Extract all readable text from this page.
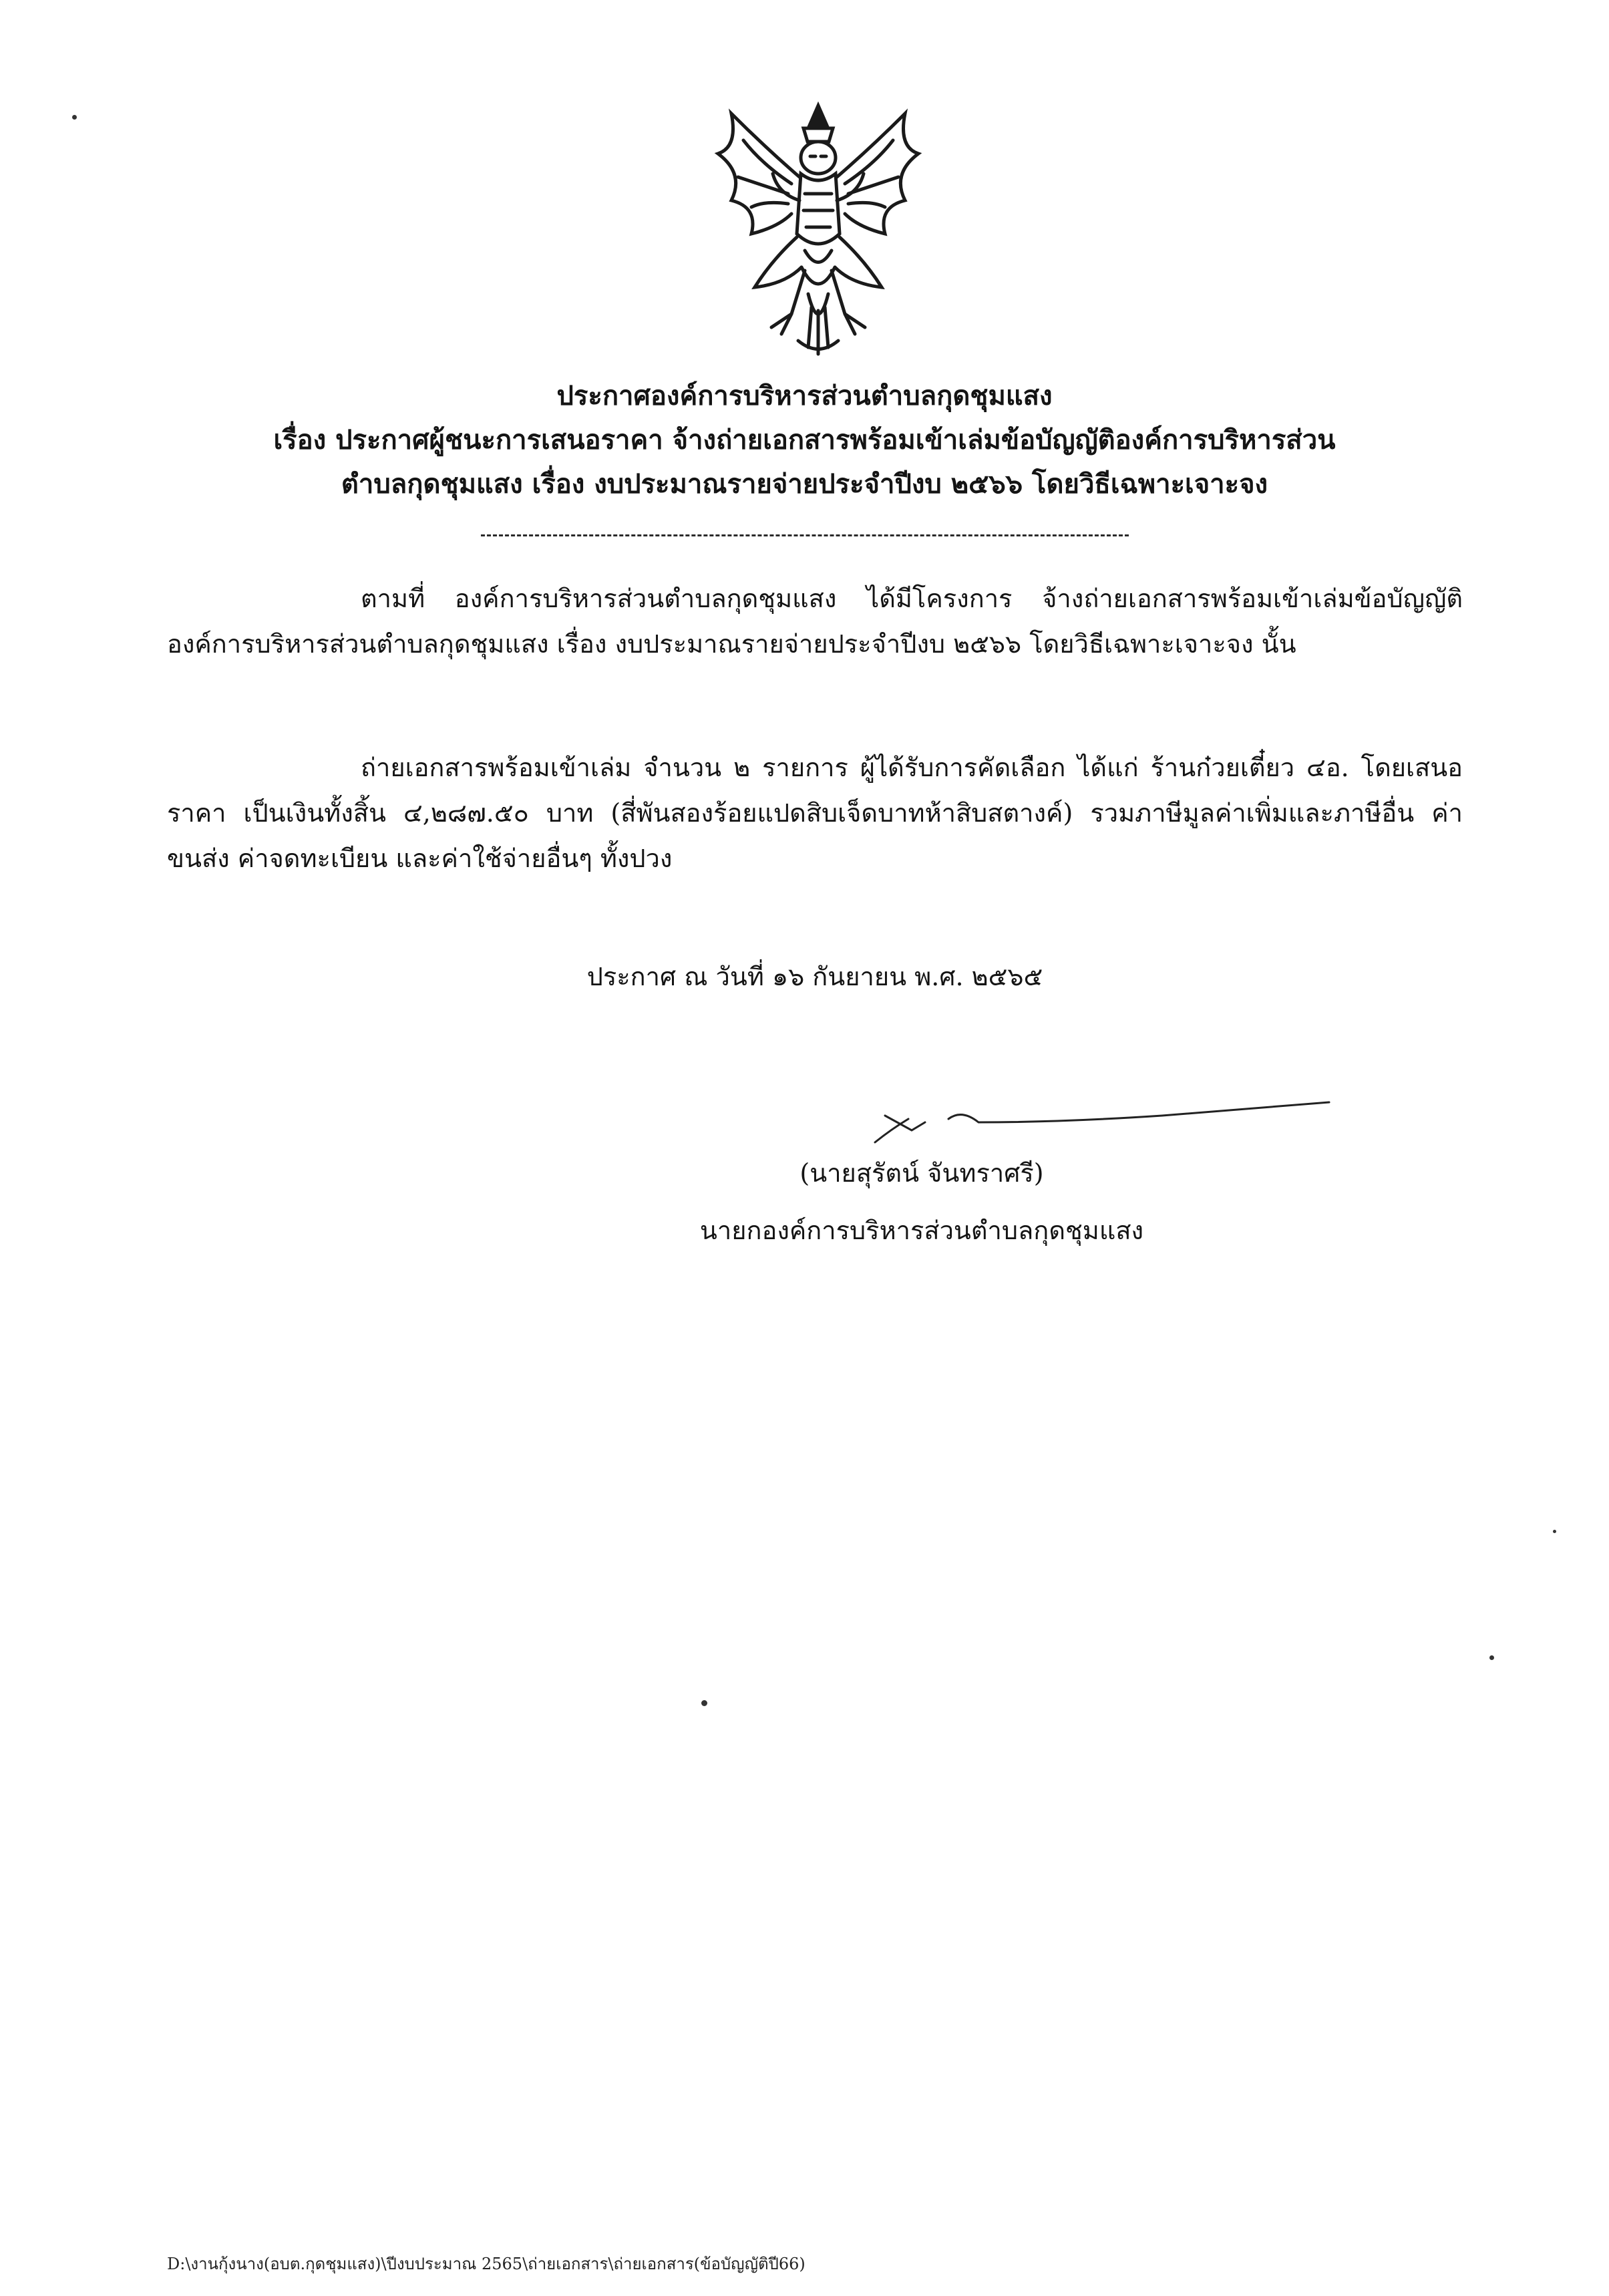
ประกาศองค์การบริหารส่วนตำบลกุดชุมแสง
เรื่อง ประกาศผู้ชนะการเสนอราคา จ้างถ่ายเอกสารพร้อมเข้าเล่มข้อบัญญัติองค์การบริหารส่วน
ตำบลกุดชุมแสง เรื่อง งบประมาณรายจ่ายประจำปีงบ ๒๕๖๖ โดยวิธีเฉพาะเจาะจง
ตามที่ องค์การบริหารส่วนตำบลกุดชุมแสง ได้มีโครงการ จ้างถ่ายเอกสารพร้อมเข้าเล่มข้อบัญญัติองค์การบริหารส่วนตำบลกุดชุมแสง เรื่อง งบประมาณรายจ่ายประจำปีงบ ๒๕๖๖ โดยวิธีเฉพาะเจาะจง นั้น
ถ่ายเอกสารพร้อมเข้าเล่ม จำนวน ๒ รายการ ผู้ได้รับการคัดเลือก ได้แก่ ร้านก๋วยเตี๋ยว ๔อ. โดยเสนอราคา เป็นเงินทั้งสิ้น ๔,๒๘๗.๕๐ บาท (สี่พันสองร้อยแปดสิบเจ็ดบาทห้าสิบสตางค์) รวมภาษีมูลค่าเพิ่มและภาษีอื่น ค่าขนส่ง ค่าจดทะเบียน และค่าใช้จ่ายอื่นๆ ทั้งปวง
ประกาศ ณ วันที่ ๑๖ กันยายน พ.ศ. ๒๕๖๕
(นายสุรัตน์ จันทราศรี)
นายกองค์การบริหารส่วนตำบลกุดชุมแสง
D:\งานกุ้งนาง(อบต.กุดชุมแสง)\ปีงบประมาณ 2565\ถ่ายเอกสาร\ถ่ายเอกสาร(ข้อบัญญัติปี66)
